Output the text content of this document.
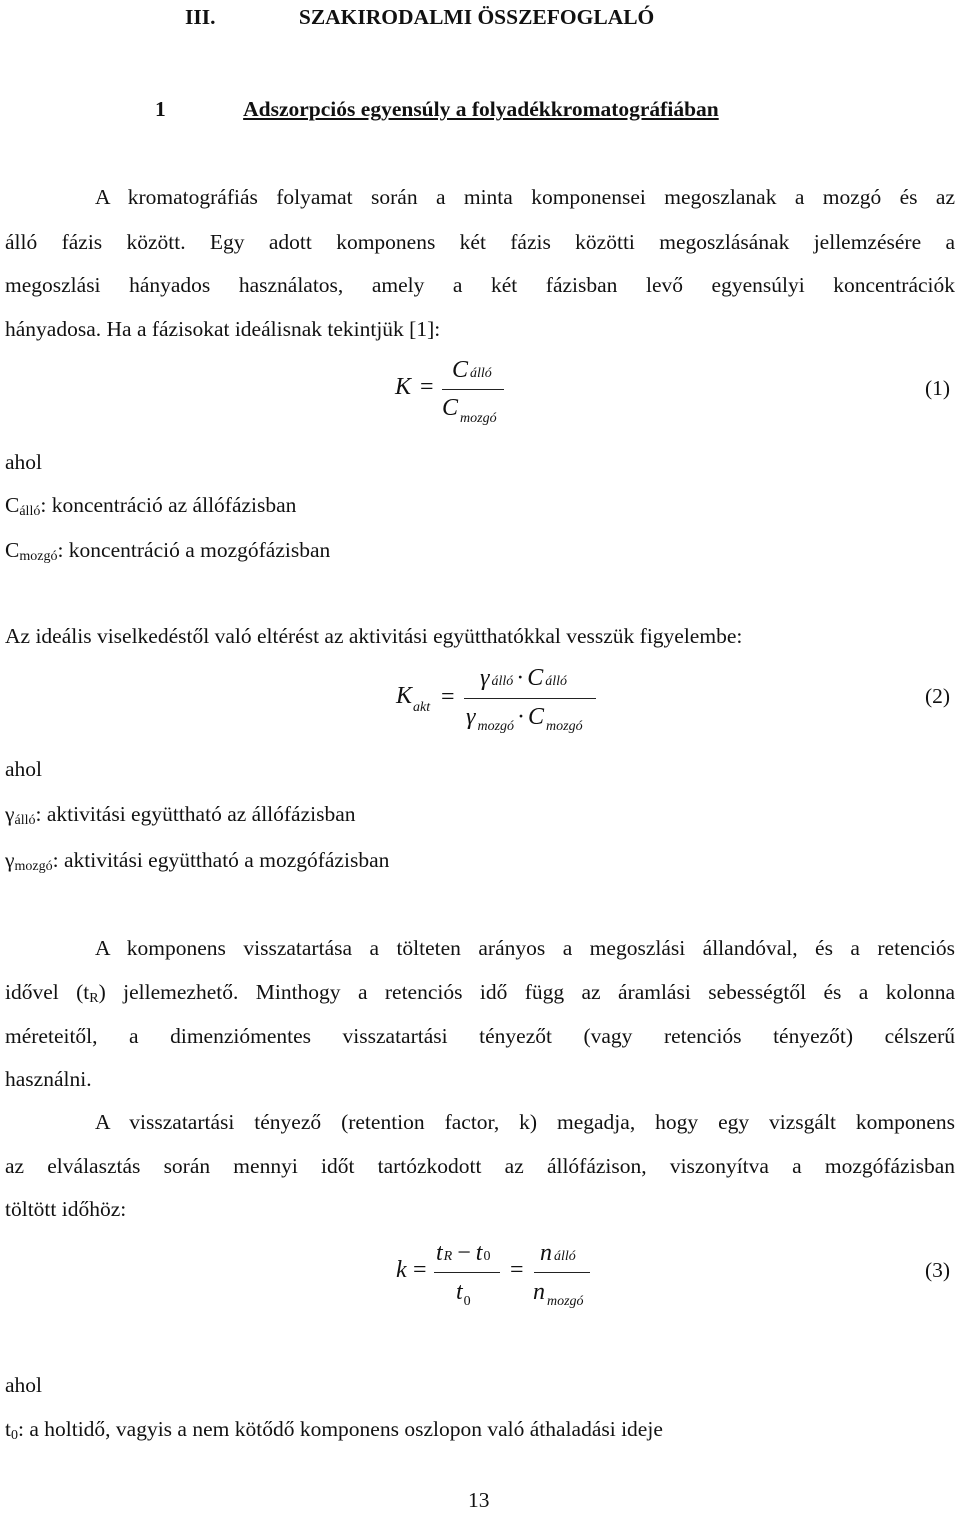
III.	SZAKIRODALMI ÖSSZEFOGLALÓ
1	Adszorpciós egyensúly a folyadékkromatográfiában
A kromatográfiás folyamat során a minta komponensei megoszlanak a mozgó és az
álló fázis között. Egy adott komponens két fázis közötti megoszlásának jellemzésére a
megoszlási hányados használatos, amely a két fázisban levő egyensúlyi koncentrációk
hányadosa. Ha a fázisokat ideálisnak tekintjük [1]:
K =
Cálló
C $_{mozgó}$
(1)
ahol
$C_{álló}$: koncentráció az állófázisban
$C_{mozgó}$: koncentráció a mozgófázisban
Az ideális viselkedéstől való eltérést az aktivitási együtthatókkal vesszük figyelembe:
$K_{akt}$ =
γálló · C álló
γ $_{mozgó}$ · C $_{mozgó}$
(2)
ahol
$\gamma_{álló}$: aktivitási együttható az állófázisban
$\gamma_{mozgó}$: aktivitási együttható a mozgófázisban
A komponens visszatartása a tölteten arányos a megoszlási állandóval, és a retenciós
idővel $(t_R)$ jellemezhető. Minthogy a retenciós idő függ az áramlási sebességtől és a kolonna
méreteitől, a dimenziómentes visszatartási tényezőt (vagy retenciós tényezőt) célszerű
használni.
A visszatartási tényező (retention factor, k) megadja, hogy egy vizsgált komponens
az elválasztás során mennyi időt tartózkodott az állófázison, viszonyítva a mozgófázisban
töltött időhöz:
k =
tR − t0
$t_0$
=
nálló
n $_{mozgó}$
(3)
ahol
$t_0$: a holtidő, vagyis a nem kötődő komponens oszlopon való áthaladási ideje
13
